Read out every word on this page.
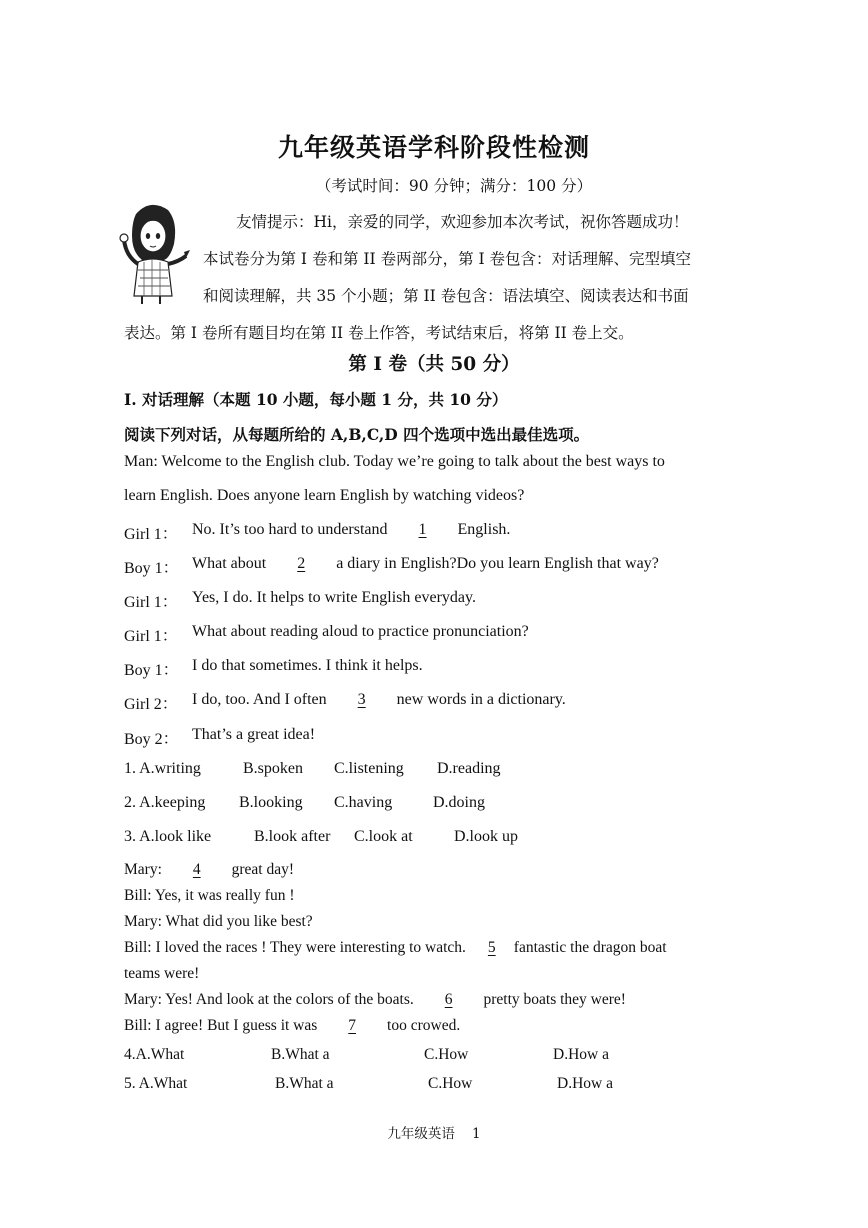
九年级英语学科阶段性检测
（考试时间：90 分钟；满分：100 分）
友情提示：Hi，亲爱的同学，欢迎参加本次考试，祝你答题成功！
本试卷分为第 I 卷和第 II 卷两部分，第 I 卷包含：对话理解、完型填空
和阅读理解，共 35 个小题；第 II 卷包含：语法填空、阅读表达和书面
表达。第 I 卷所有题目均在第 II 卷上作答，考试结束后，将第 II 卷上交。
第 I 卷（共 50 分）
I. 对话理解（本题 10 小题，每小题 1 分，共 10 分）
阅读下列对话，从每题所给的 A,B,C,D 四个选项中选出最佳选项。
Man: Welcome to the English club. Today we’re going to talk about the best ways to
learn English. Does anyone learn English by watching videos?
Girl 1： No. It’s too hard to understand 1 English.
Boy 1： What about 2 a diary in English?Do you learn English that way?
Girl 1： Yes, I do. It helps to write English everyday.
Girl 1： What about reading aloud to practice pronunciation?
Boy 1： I do that sometimes. I think it helps.
Girl 2： I do, too. And I often 3 new words in a dictionary.
Boy 2： That’s a great idea!
1. A.writing	B.spoken C.listening D.reading
2. A.keeping B.looking C.having	D.doing
3. A.look like	B.look after C.look at	D.look up
Mary: 4 great day!
Bill: Yes, it was really fun !
Mary: What did you like best?
Bill: I loved the races ! They were interesting to watch. 5 fantastic the dragon boat
teams were!
Mary: Yes! And look at the colors of the boats. 6 pretty boats they were!
Bill: I agree! But I guess it was 7 too crowed.
4.A.What	B.What a	C.How	D.How a
5. A.What	B.What a	C.How	D.How a
九年级英语    1
